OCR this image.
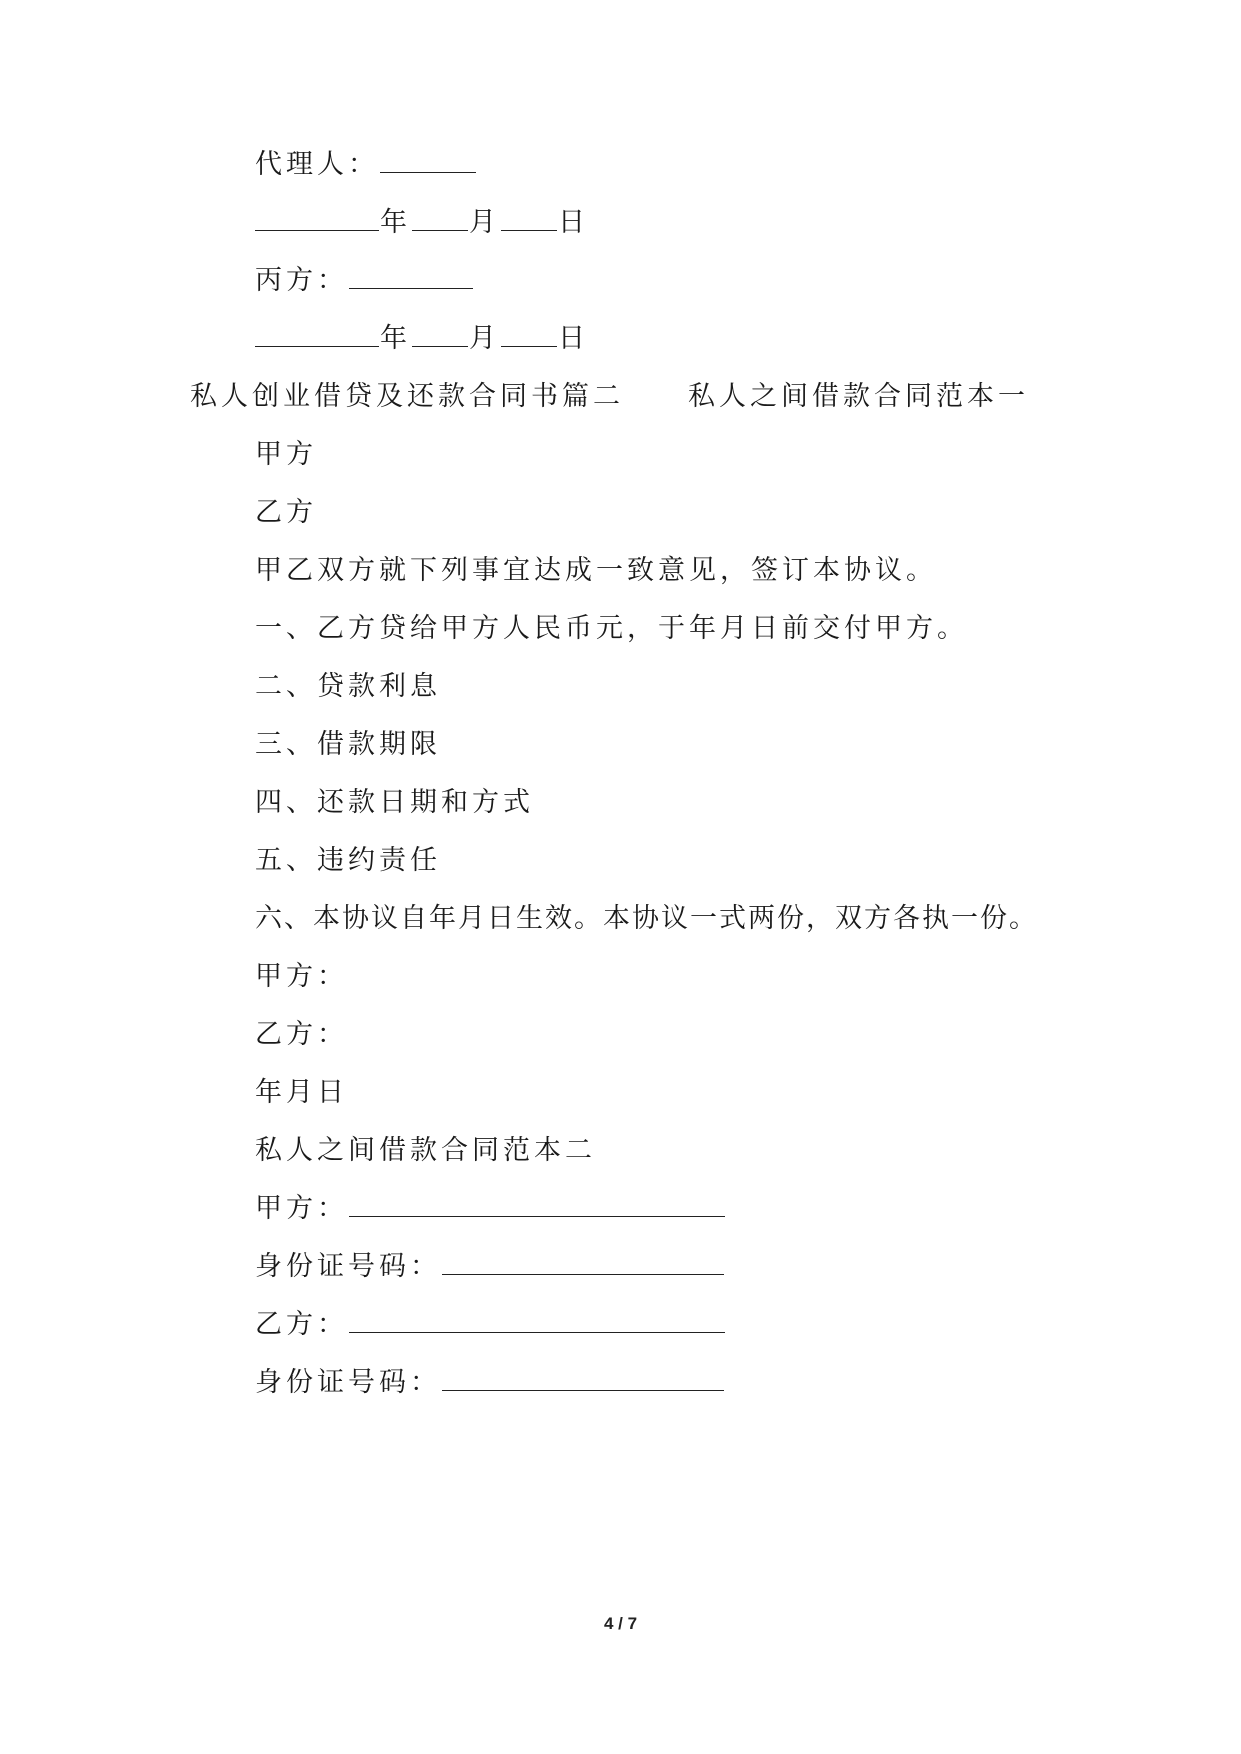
代理人：
年 月 日
丙方：
年 月 日
私人创业借贷及还款合同书篇二 私人之间借款合同范本一
甲方
乙方
甲乙双方就下列事宜达成一致意见，签订本协议。
一、乙方贷给甲方人民币元，于年月日前交付甲方。
二、贷款利息
三、借款期限
四、还款日期和方式
五、违约责任
六、本协议自年月日生效。本协议一式两份，双方各执一份。
甲方：
乙方：
年月日
私人之间借款合同范本二
甲方：
身份证号码：
乙方：
身份证号码：
4 / 7
